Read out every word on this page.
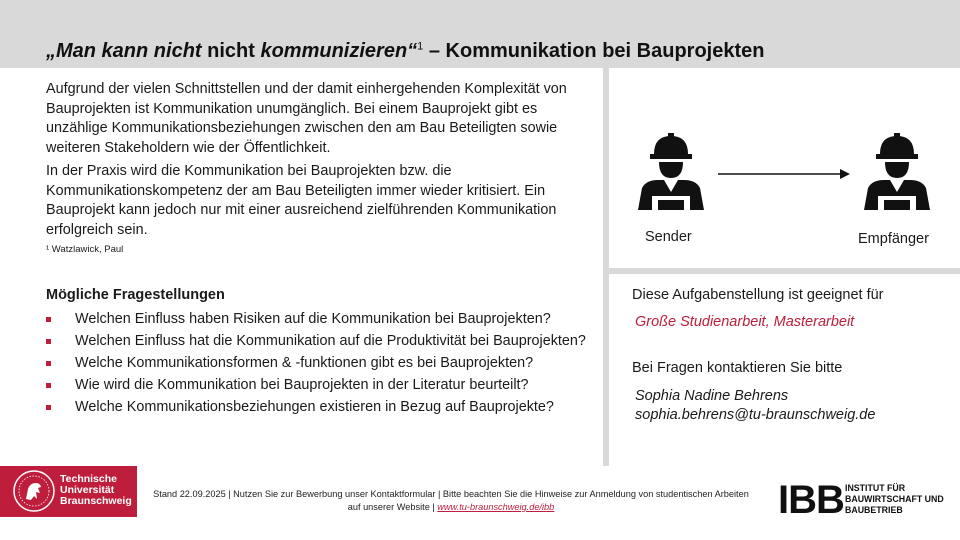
„Man kann nicht nicht kommunizieren“$^1$ – Kommunikation bei Bauprojekten

Aufgrund der vielen Schnittstellen und der damit einhergehenden Komplexität von Bauprojekten ist Kommunikation unumgänglich. Bei einem Bauprojekt gibt es unzählige Kommunikationsbeziehungen zwischen den am Bau Beteiligten sowie weiteren Stakeholdern wie der Öffentlichkeit.

In der Praxis wird die Kommunikation bei Bauprojekten bzw. die Kommunikationskompetenz der am Bau Beteiligten immer wieder kritisiert. Ein Bauprojekt kann jedoch nur mit einer ausreichend zielführenden Kommunikation erfolgreich sein.

¹ Watzlawick, Paul
Mögliche Fragestellungen
Welchen Einfluss haben Risiken auf die Kommunikation bei Bauprojekten?
Welchen Einfluss hat die Kommunikation auf die Produktivität bei Bauprojekten?
Welche Kommunikationsformen & -funktionen gibt es bei Bauprojekten?
Wie wird die Kommunikation bei Bauprojekten in der Literatur beurteilt?
Welche Kommunikationsbeziehungen existieren in Bezug auf Bauprojekte?
Sender	Empfänger
Diese Aufgabenstellung ist geeignet für
Große Studienarbeit, Masterarbeit
Bei Fragen kontaktieren Sie bitte
Sophia Nadine Behrens
sophia.behrens@tu-braunschweig.de
Technische
Universität
Braunschweig
Stand 22.09.2025 | Nutzen Sie zur Bewerbung unser Kontaktformular | Bitte beachten Sie die Hinweise zur Anmeldung von studentischen Arbeiten auf unserer Website | www.tu-braunschweig.de/ibb	IBB INSTITUT FÜR
BAUWIRTSCHAFT UND
BAUBETRIEB
